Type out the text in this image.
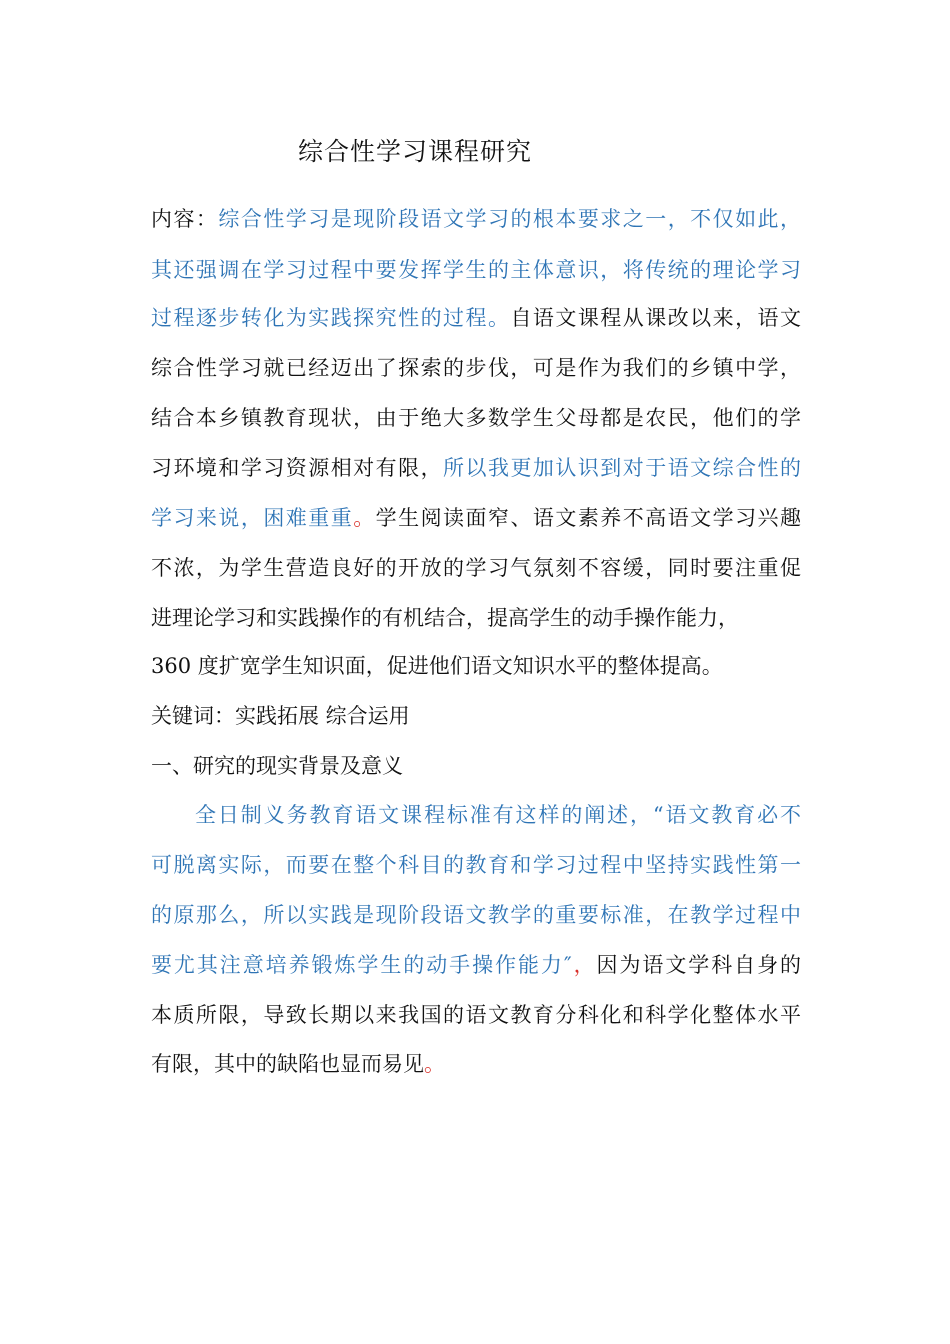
综合性学习课程研究
内容：综合性学习是现阶段语文学习的根本要求之一，不仅如此，
其还强调在学习过程中要发挥学生的主体意识，将传统的理论学习
过程逐步转化为实践探究性的过程。自语文课程从课改以来，语文
综合性学习就已经迈出了探索的步伐，可是作为我们的乡镇中学，
结合本乡镇教育现状，由于绝大多数学生父母都是农民，他们的学
习环境和学习资源相对有限，所以我更加认识到对于语文综合性的
学习来说，困难重重。学生阅读面窄、语文素养不高语文学习兴趣
不浓，为学生营造良好的开放的学习气氛刻不容缓，同时要注重促
进理论学习和实践操作的有机结合，提高学生的动手操作能力，
360 度扩宽学生知识面，促进他们语文知识水平的整体提高。
关键词：实践拓展 综合运用
一、研究的现实背景及意义
全日制义务教育语文课程标准有这样的阐述，“语文教育必不
可脱离实际，而要在整个科目的教育和学习过程中坚持实践性第一
的原那么，所以实践是现阶段语文教学的重要标准，在教学过程中
要尤其注意培养锻炼学生的动手操作能力″，因为语文学科自身的
本质所限，导致长期以来我国的语文教育分科化和科学化整体水平
有限，其中的缺陷也显而易见。
